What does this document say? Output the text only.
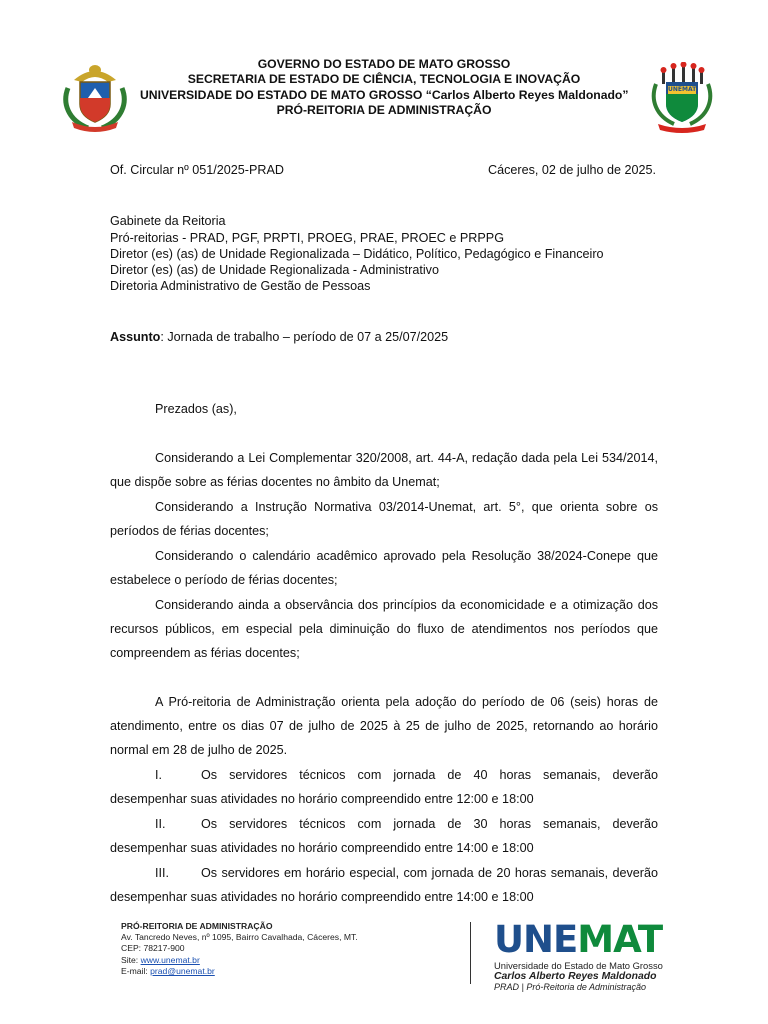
GOVERNO DO ESTADO DE MATO GROSSO
SECRETARIA DE ESTADO DE CIÊNCIA, TECNOLOGIA E INOVAÇÃO
UNIVERSIDADE DO ESTADO DE MATO GROSSO “Carlos Alberto Reyes Maldonado”
PRÓ-REITORIA DE ADMINISTRAÇÃO
UNEMAT
Of. Circular nº 051/2025-PRAD	Cáceres, 02 de julho de 2025.
Gabinete da Reitoria
Pró-reitorias - PRAD, PGF, PRPTI, PROEG, PRAE, PROEC e PRPPG
Diretor (es) (as) de Unidade Regionalizada – Didático, Político, Pedagógico e Financeiro
Diretor (es) (as) de Unidade Regionalizada - Administrativo
Diretoria Administrativo de Gestão de Pessoas
Assunto: Jornada de trabalho – período de 07 a 25/07/2025
Prezados (as),
Considerando a Lei Complementar 320/2008, art. 44-A, redação dada pela Lei 534/2014,
que dispõe sobre as férias docentes no âmbito da Unemat;
Considerando a Instrução Normativa 03/2014-Unemat, art. 5°, que orienta sobre os
períodos de férias docentes;
Considerando o calendário acadêmico aprovado pela Resolução 38/2024-Conepe que
estabelece o período de férias docentes;
Considerando ainda a observância dos princípios da economicidade e a otimização dos
recursos públicos, em especial pela diminuição do fluxo de atendimentos nos períodos que
compreendem as férias docentes;
A Pró-reitoria de Administração orienta pela adoção do período de 06 (seis) horas de
atendimento, entre os dias 07 de julho de 2025 à 25 de julho de 2025, retornando ao horário
normal em 28 de julho de 2025.
I.	Os servidores técnicos com jornada de 40 horas semanais, deverão
desempenhar suas atividades no horário compreendido entre 12:00 e 18:00
II.	Os servidores técnicos com jornada de 30 horas semanais, deverão
desempenhar suas atividades no horário compreendido entre 14:00 e 18:00
III.	Os servidores em horário especial, com jornada de 20 horas semanais, deverão
desempenhar suas atividades no horário compreendido entre 14:00 e 18:00
PRÓ-REITORIA DE ADMINISTRAÇÃO
Av. Tancredo Neves, nº 1095, Bairro Cavalhada, Cáceres, MT.
CEP: 78217-900
Site: www.unemat.br
E-mail: prad@unemat.br
UNEMAT
Universidade do Estado de Mato Grosso
Carlos Alberto Reyes Maldonado
PRAD | Pró-Reitoria de Administração
